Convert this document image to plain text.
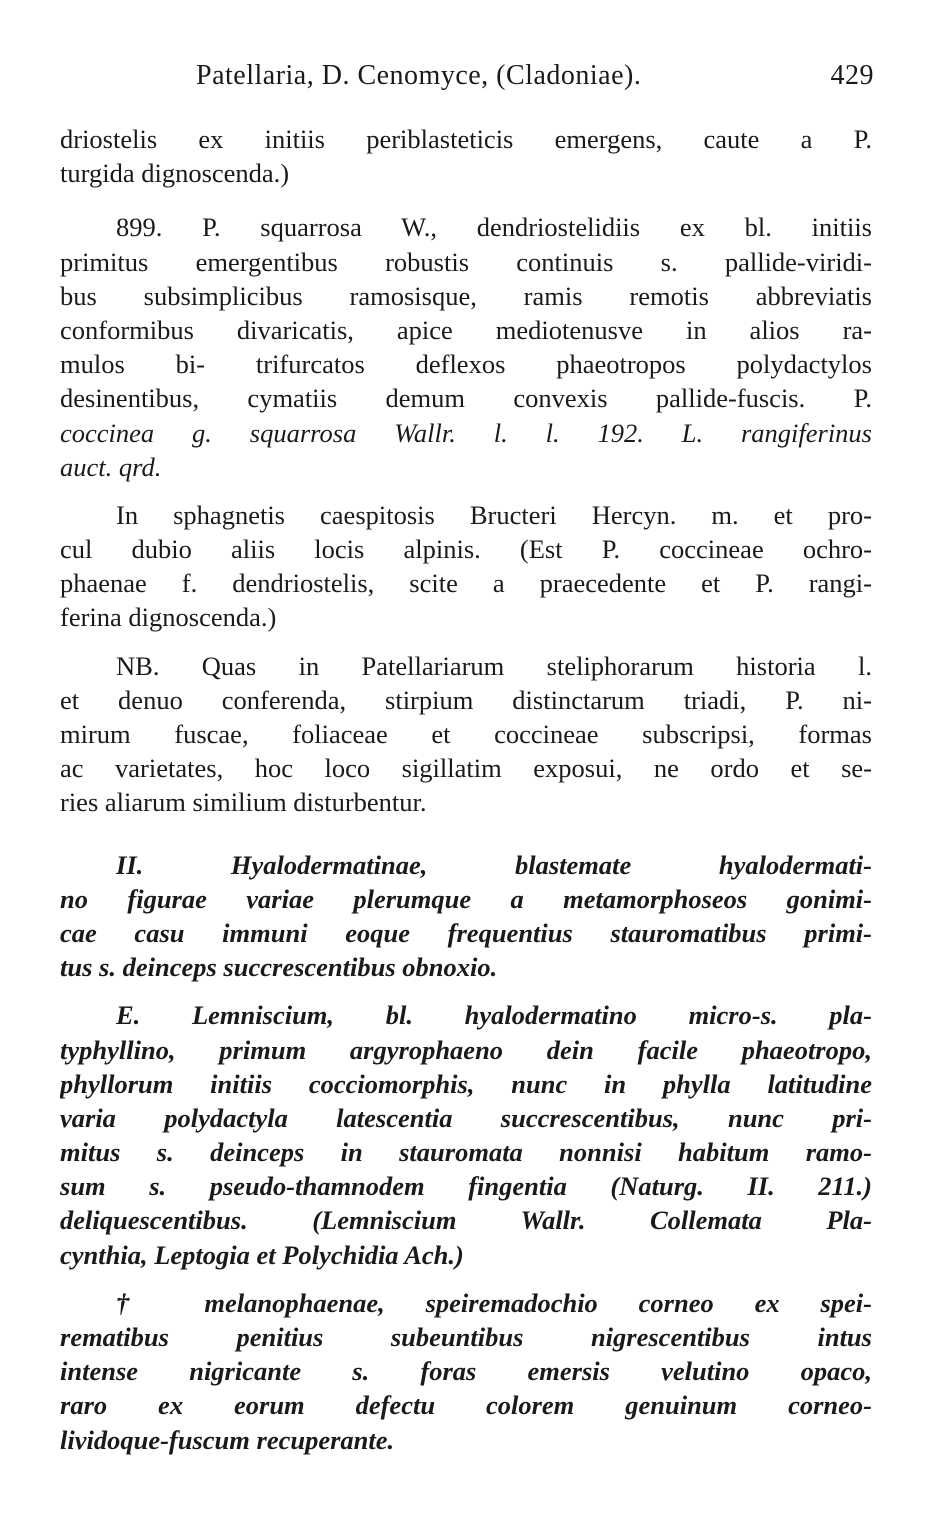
Patellaria, D. Cenomyce, (Cladoniae).	429
driostelis ex initiis periblasteticis emergens, caute a P.
turgida dignoscenda.)
899. P. squarrosa W., dendriostelidiis ex bl. initiis
primitus emergentibus robustis continuis s. pallide-viridi-
bus subsimplicibus ramosisque, ramis remotis abbreviatis
conformibus divaricatis, apice mediotenusve in alios ra-
mulos bi- trifurcatos deflexos phaeotropos polydactylos
desinentibus, cymatiis demum convexis pallide-fuscis. P.
coccinea g. squarrosa Wallr. l. l. 192. L. rangiferinus
auct. qrd.
In sphagnetis caespitosis Bructeri Hercyn. m. et pro-
cul dubio aliis locis alpinis. (Est P. coccineae ochro-
phaenae f. dendriostelis, scite a praecedente et P. rangi-
ferina dignoscenda.)
NB. Quas in Patellariarum steliphorarum historia l.
et denuo conferenda, stirpium distinctarum triadi, P. ni-
mirum fuscae, foliaceae et coccineae subscripsi, formas
ac varietates, hoc loco sigillatim exposui, ne ordo et se-
ries aliarum similium disturbentur.
II. Hyalodermatinae, blastemate hyalodermati-
no figurae variae plerumque a metamorphoseos gonimi-
cae casu immuni eoque frequentius stauromatibus primi-
tus s. deinceps succrescentibus obnoxio.
E. Lemniscium, bl. hyalodermatino micro-s. pla-
typhyllino, primum argyrophaeno dein facile phaeotropo,
phyllorum initiis cocciomorphis, nunc in phylla latitudine
varia polydactyla latescentia succrescentibus, nunc pri-
mitus s. deinceps in stauromata nonnisi habitum ramo-
sum s. pseudo-thamnodem fingentia (Naturg. II. 211.)
deliquescentibus. (Lemniscium Wallr. Collemata Pla-
cynthia, Leptogia et Polychidia Ach.)
† melanophaenae, speiremadochio corneo ex spei-
rematibus penitius subeuntibus nigrescentibus intus
intense nigricante s. foras emersis velutino opaco,
raro ex eorum defectu colorem genuinum corneo-
lividoque-fuscum recuperante.
